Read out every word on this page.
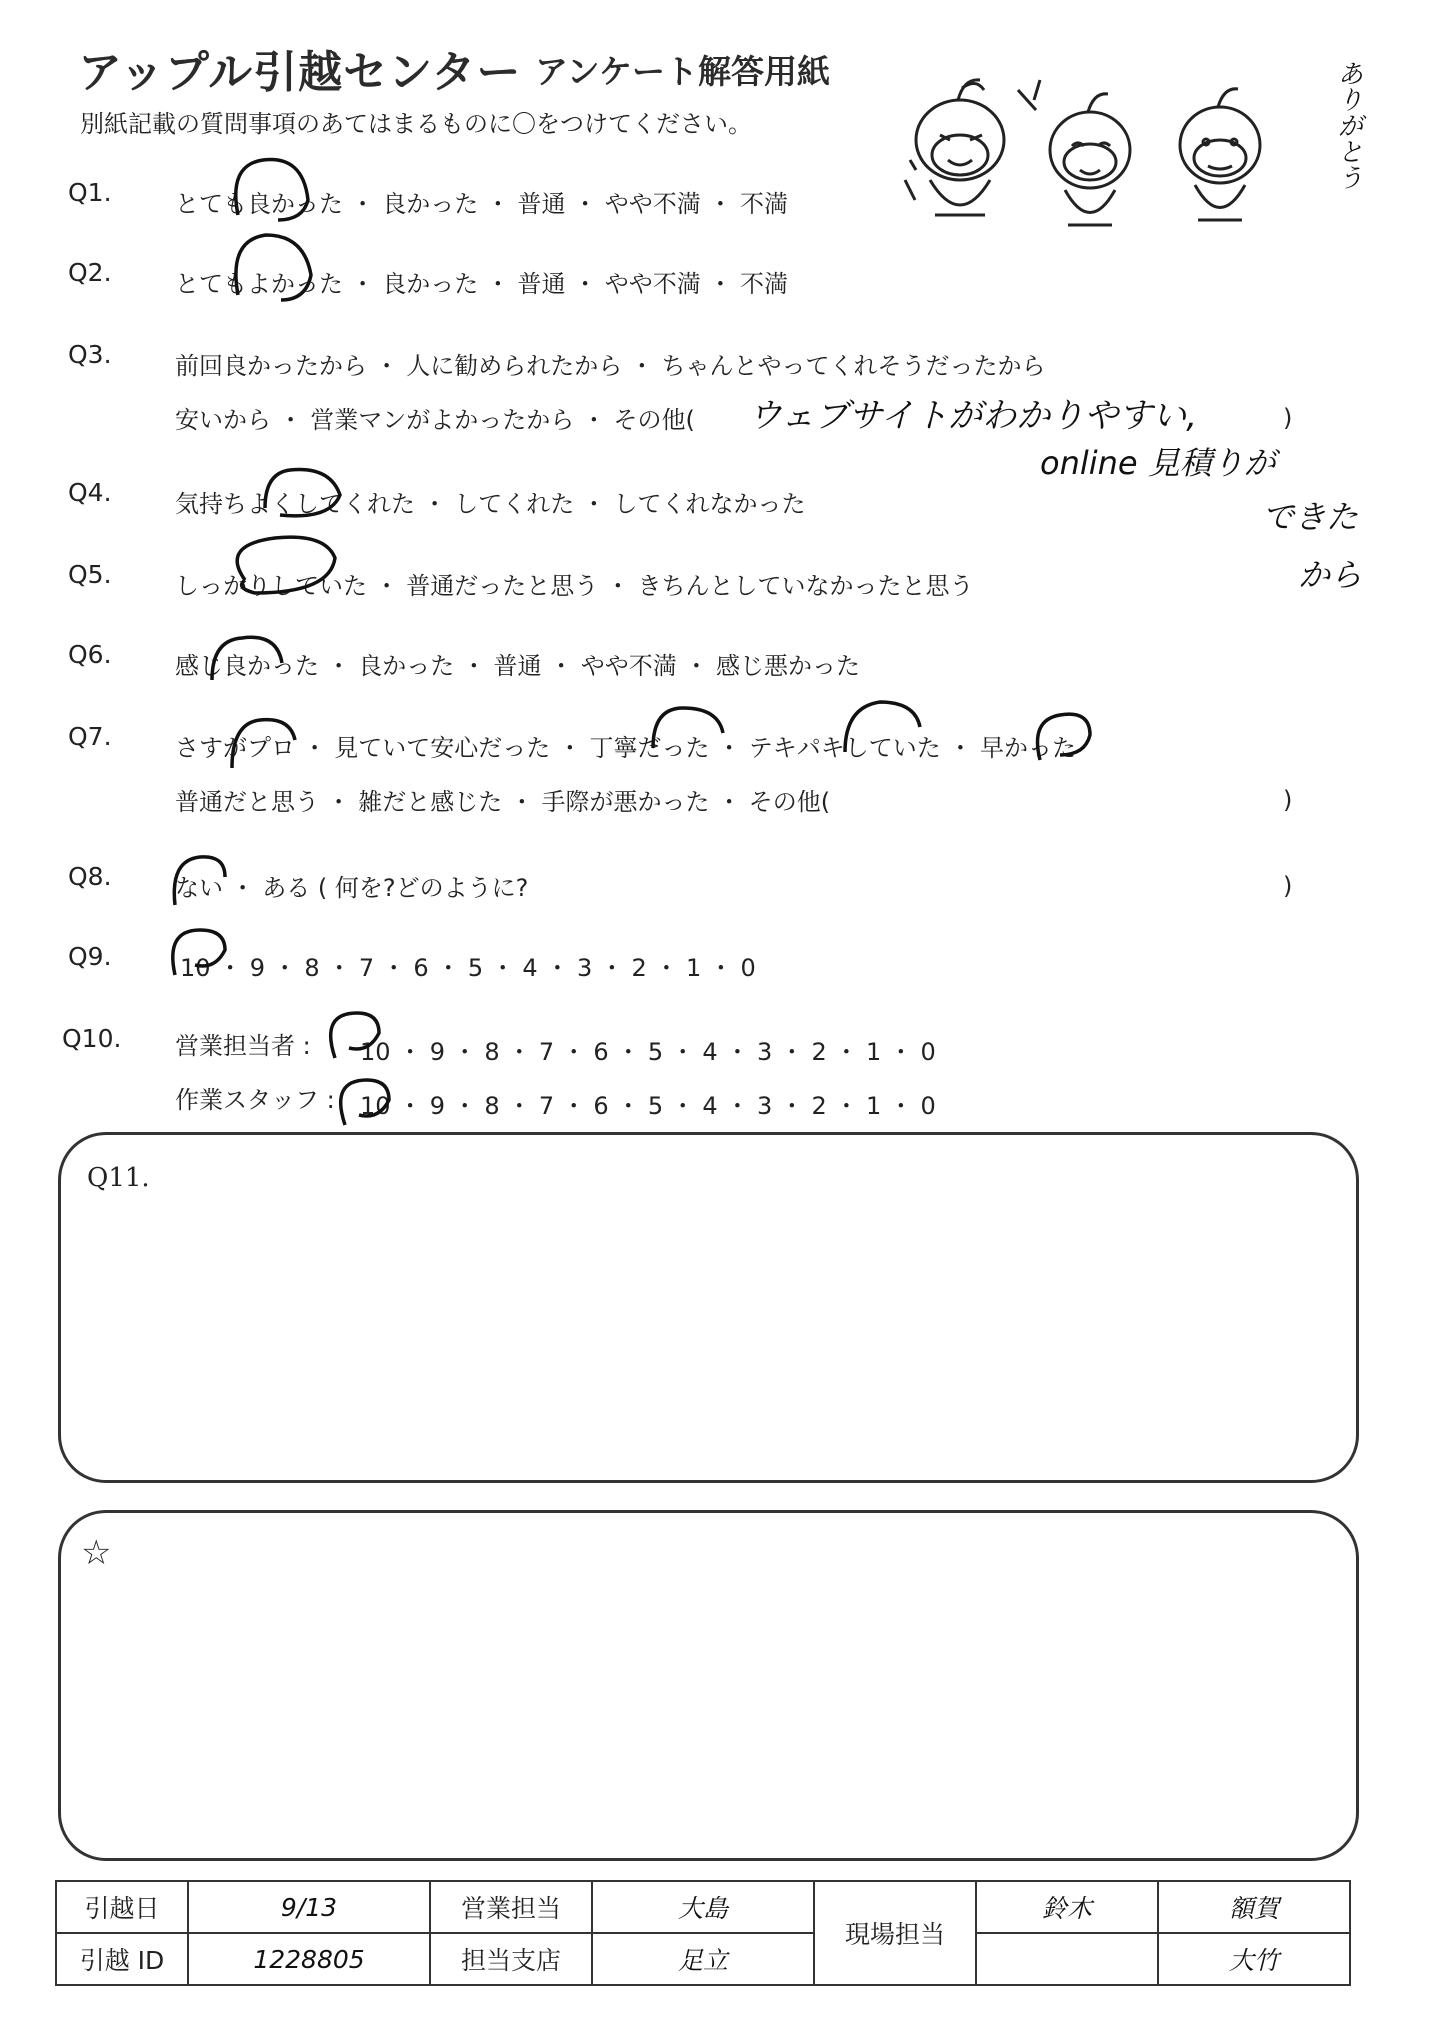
アップル引越センター アンケート解答用紙
別紙記載の質問事項のあてはまるものに〇をつけてください。	ありがとう
Q1.	とても良かった ・ 良かった ・ 普通 ・ やや不満 ・ 不満
Q2.	とてもよかった ・ 良かった ・ 普通 ・ やや不満 ・ 不満
Q3.	前回良かったから ・ 人に勧められたから ・ ちゃんとやってくれそうだったから
安いから ・ 営業マンがよかったから ・ その他(	)
ウェブサイトがわかりやすい,
online 見積りが
できた
から
Q4.	気持ちよくしてくれた ・ してくれた ・ してくれなかった
Q5.	しっかりしていた ・ 普通だったと思う ・ きちんとしていなかったと思う
Q6.	感じ良かった ・ 良かった ・ 普通 ・ やや不満 ・ 感じ悪かった
Q7.	さすがプロ ・ 見ていて安心だった ・ 丁寧だった ・ テキパキしていた ・ 早かった
普通だと思う ・ 雑だと感じた ・ 手際が悪かった ・ その他(	)
Q8.	ない ・ ある ( 何を?どのように?	)
Q9.	10 ・ 9 ・ 8 ・ 7 ・ 6 ・ 5 ・ 4 ・ 3 ・ 2 ・ 1 ・ 0
Q10. 営業担当者 : 10 ・ 9 ・ 8 ・ 7 ・ 6 ・ 5 ・ 4 ・ 3 ・ 2 ・ 1 ・ 0
作業スタッフ : 10 ・ 9 ・ 8 ・ 7 ・ 6 ・ 5 ・ 4 ・ 3 ・ 2 ・ 1 ・ 0
Q11.
☆
引越日	9/13	営業担当	大島	現場担当	鈴木	額賀
引越 ID	1228805	担当支店	足立			大竹
